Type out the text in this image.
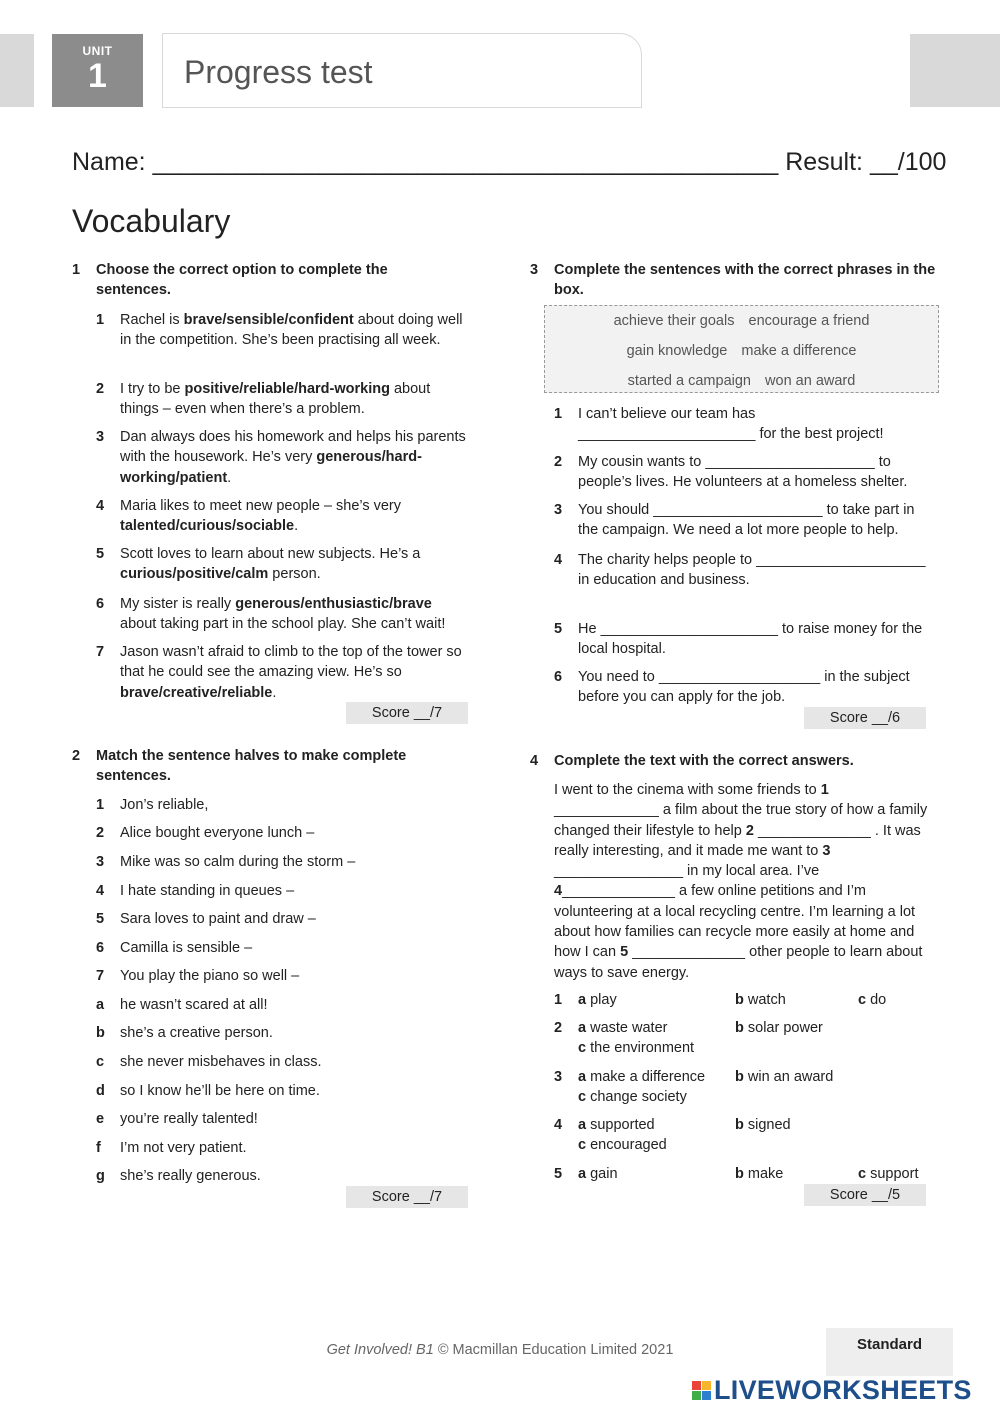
UNIT
1	Progress test
Name: _____________________________________________ Result: __/100
Vocabulary
1 Choose the correct option to complete the sentences.
Score __/7
2 Match the sentence halves to make complete sentences.
Score __/7
3 Complete the sentences with the correct phrases in the box.
achieve their goals encourage a friend
gain knowledge make a difference
started a campaign won an award
Score __/6
4 Complete the text with the correct answers.
I went to the cinema with some friends to 1 _____________ a film about the true story of how a family changed their lifestyle to help 2 ______________ . It was really interesting, and it made me want to 3 ________________ in my local area. I’ve 4______________ a few online petitions and I’m volunteering at a local recycling centre. I’m learning a lot about how families can recycle more easily at home and how I can 5 ______________ other people to learn about ways to save energy.
1 a play	b watch	c do
2 a waste water	b solar power
c the environment
3 a make a difference b win an award
c change society
4 a supported	b signed
c encouraged
5 a gain	b make	c support
Score __/5
Get Involved! B1 © Macmillan Education Limited 2021	Standard
LIVEWORKSHEETS
1	Rachel is brave/sensible/confident about doing well in the competition. She’s been practising all week.
2	I try to be positive/reliable/hard-working about things – even when there’s a problem.
3	Dan always does his homework and helps his parents with the housework. He’s very generous/hard-working/patient.
4	Maria likes to meet new people – she’s very talented/curious/sociable.
5	Scott loves to learn about new subjects. He’s a curious/positive/calm person.
6	My sister is really generous/enthusiastic/brave about taking part in the school play. She can’t wait!
7	Jason wasn’t afraid to climb to the top of the tower so that he could see the amazing view. He’s so brave/creative/reliable.
1	Jon’s reliable,
2	Alice bought everyone lunch –
3	Mike was so calm during the storm –
4	I hate standing in queues –
5	Sara loves to paint and draw –
6	Camilla is sensible –
7	You play the piano so well –
a	he wasn’t scared at all!
b	she’s a creative person.
c	she never misbehaves in class.
d	so I know he’ll be here on time.
e	you’re really talented!
f	I’m not very patient.
g	she’s really generous.
1	I can’t believe our team has ______________________ for the best project!
2	My cousin wants to _____________________ to people’s lives. He volunteers at a homeless shelter.
3	You should _____________________ to take part in the campaign. We need a lot more people to help.
4	The charity helps people to _____________________ in education and business.
5	He ______________________ to raise money for the local hospital.
6	You need to ____________________ in the subject before you can apply for the job.
